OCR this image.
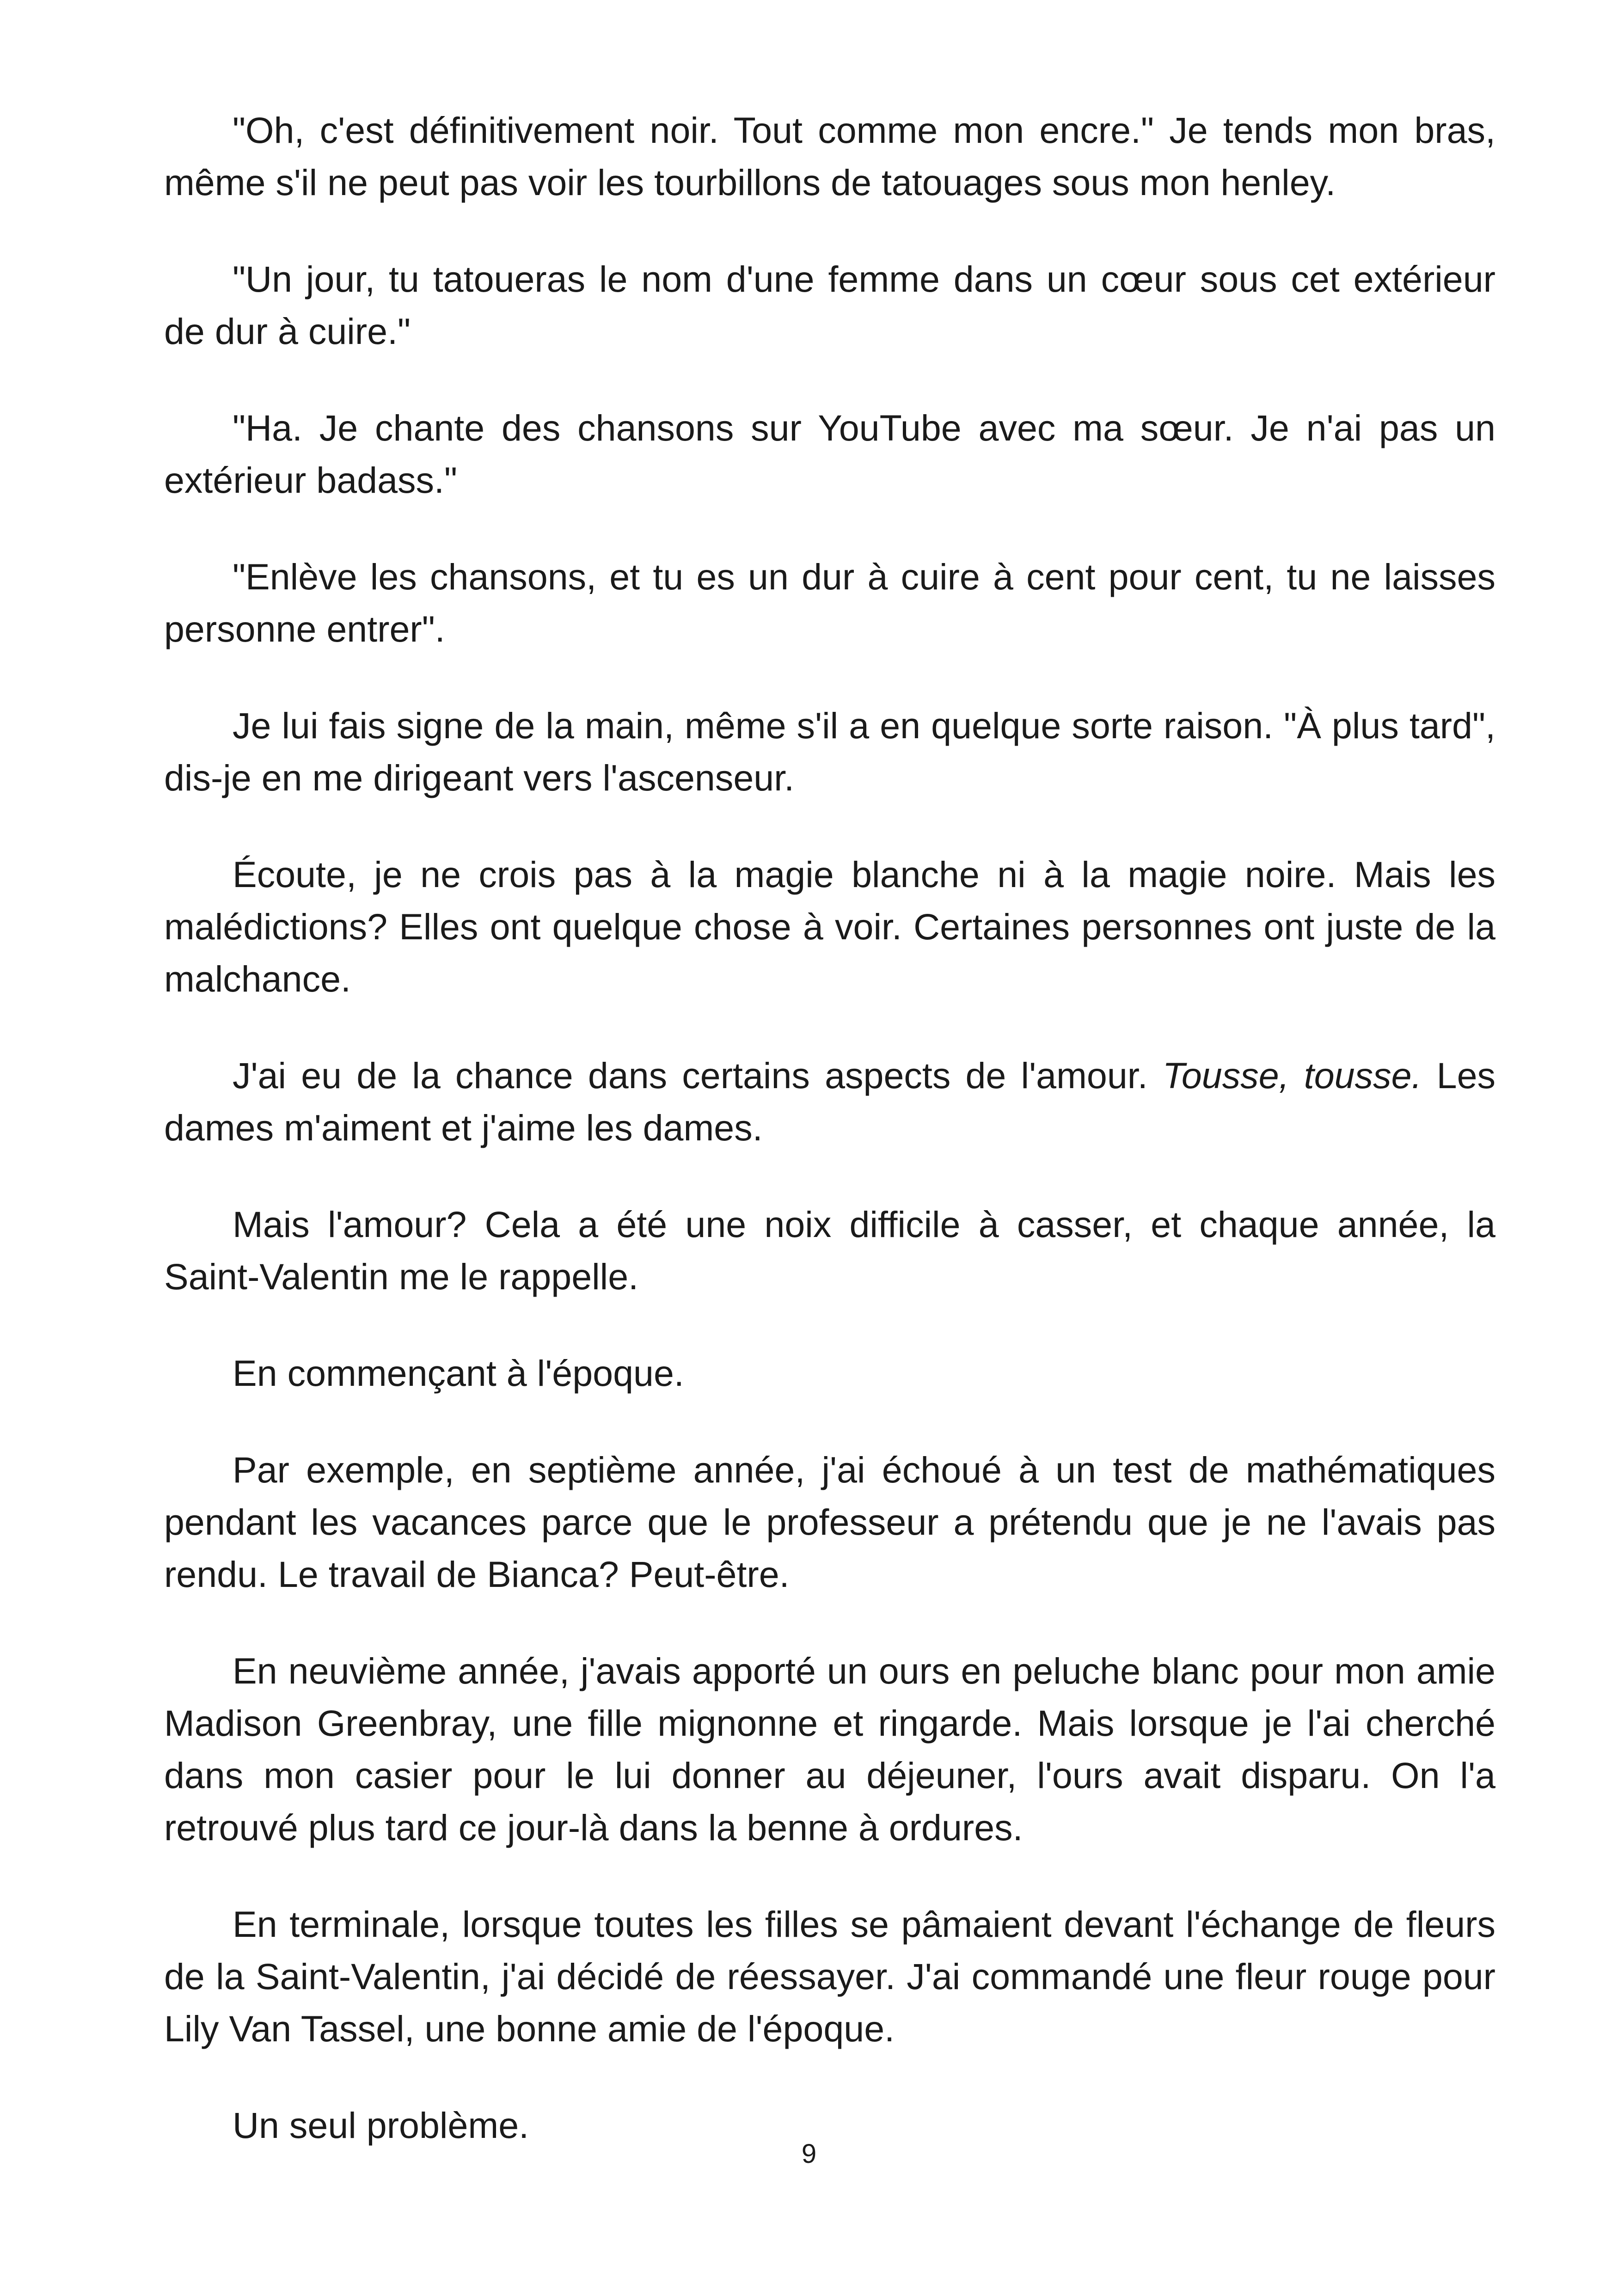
"Oh, c'est définitivement noir. Tout comme mon encre." Je tends mon bras, même s'il ne peut pas voir les tourbillons de tatouages sous mon henley.

"Un jour, tu tatoueras le nom d'une femme dans un cœur sous cet extérieur de dur à cuire."

"Ha. Je chante des chansons sur YouTube avec ma sœur. Je n'ai pas un extérieur badass."

"Enlève les chansons, et tu es un dur à cuire à cent pour cent, tu ne laisses personne entrer".

Je lui fais signe de la main, même s'il a en quelque sorte raison. "À plus tard", dis-je en me dirigeant vers l'ascenseur.

Écoute, je ne crois pas à la magie blanche ni à la magie noire. Mais les malédictions? Elles ont quelque chose à voir. Certaines personnes ont juste de la malchance.

J'ai eu de la chance dans certains aspects de l'amour. Tousse, tousse. Les dames m'aiment et j'aime les dames.

Mais l'amour? Cela a été une noix difficile à casser, et chaque année, la Saint-Valentin me le rappelle.

En commençant à l'époque.

Par exemple, en septième année, j'ai échoué à un test de mathématiques pendant les vacances parce que le professeur a prétendu que je ne l'avais pas rendu. Le travail de Bianca? Peut-être.

En neuvième année, j'avais apporté un ours en peluche blanc pour mon amie Madison Greenbray, une fille mignonne et ringarde. Mais lorsque je l'ai cherché dans mon casier pour le lui donner au déjeuner, l'ours avait disparu. On l'a retrouvé plus tard ce jour-là dans la benne à ordures.

En terminale, lorsque toutes les filles se pâmaient devant l'échange de fleurs de la Saint-Valentin, j'ai décidé de réessayer. J'ai commandé une fleur rouge pour Lily Van Tassel, une bonne amie de l'époque.

Un seul problème.

9
